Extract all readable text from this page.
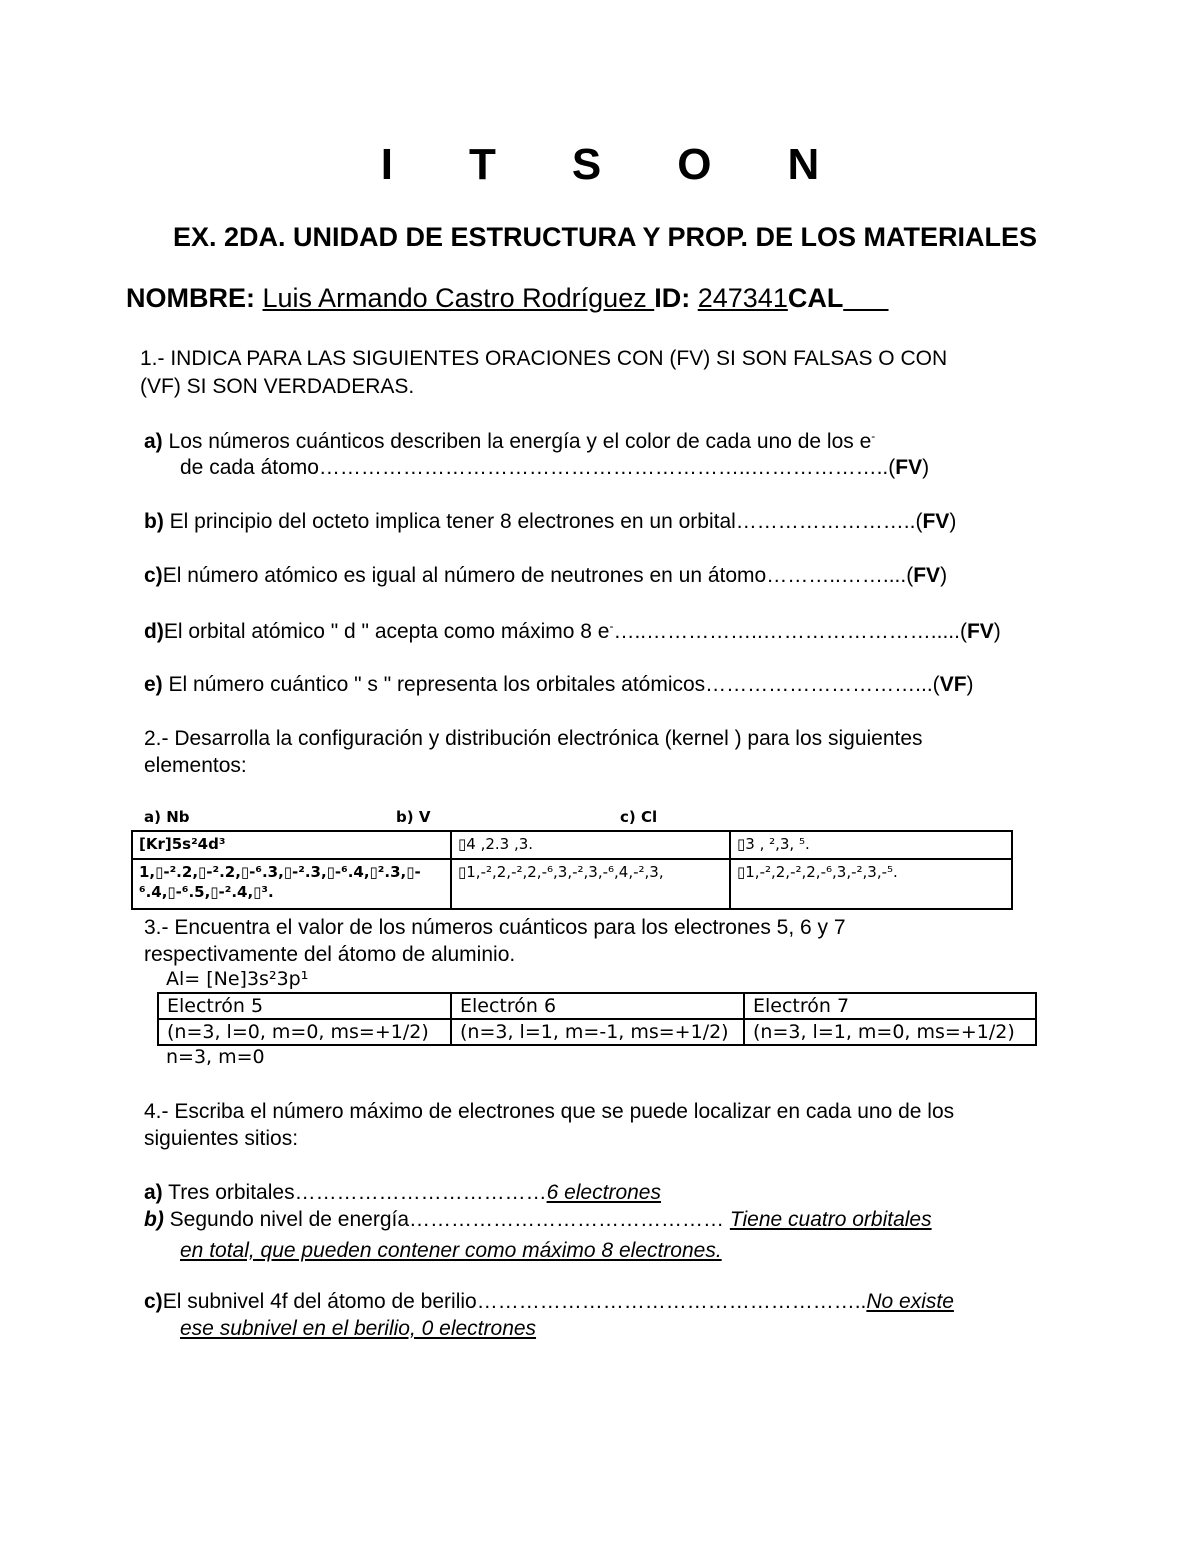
I T S O N
EX. 2DA. UNIDAD DE ESTRUCTURA Y PROP. DE LOS MATERIALES
NOMBRE: Luis Armando Castro Rodríguez ID: 247341CAL___
1.- INDICA PARA LAS SIGUIENTES ORACIONES CON (FV) SI SON FALSAS O CON
(VF) SI SON VERDADERAS.
a) Los números cuánticos describen la energía y el color de cada uno de los e-
de cada átomo……………………………………………………..………………..(FV)
b) El principio del octeto implica tener 8 electrones en un orbital……………………..(FV)
c)El número atómico es igual al número de neutrones en un átomo………..……....(FV)
d)El orbital atómico " d " acepta como máximo 8 e-…..……………..…………………….....(FV)
e) El número cuántico " s " representa los orbitales atómicos…………………………...(VF)
2.- Desarrolla la configuración y distribución electrónica (kernel ) para los siguientes
elementos:
a) Nb	b) V	c) Cl
[Kr]5s²4d³	▯4 ,2.3 ,3.	▯3 , ²,3, ⁵.
1,▯-².2,▯-².2,▯-⁶.3,▯-².3,▯-⁶.4,▯².3,▯-⁶.4,▯-⁶.5,▯-².4,▯³.	▯1,-²,2,-²,2,-⁶,3,-²,3,-⁶,4,-²,3,	▯1,-²,2,-²,2,-⁶,3,-²,3,-⁵.
3.- Encuentra el valor de los números cuánticos para los electrones 5, 6 y 7
respectivamente del átomo de aluminio.
Al= [Ne]3s²3p¹
Electrón 5	Electrón 6	Electrón 7
(n=3, l=0, m=0, ms=+1/2)	(n=3, l=1, m=-1, ms=+1/2)	(n=3, l=1, m=0, ms=+1/2)
n=3, m=0
4.- Escriba el número máximo de electrones que se puede localizar en cada uno de los
siguientes sitios:
a) Tres orbitales………………………………6 electrones
b) Segundo nivel de energía……………………………………… Tiene cuatro orbitales
en total, que pueden contener como máximo 8 electrones.
c)El subnivel 4f del átomo de berilio………………………………………………..No existe
ese subnivel en el berilio, 0 electrones
